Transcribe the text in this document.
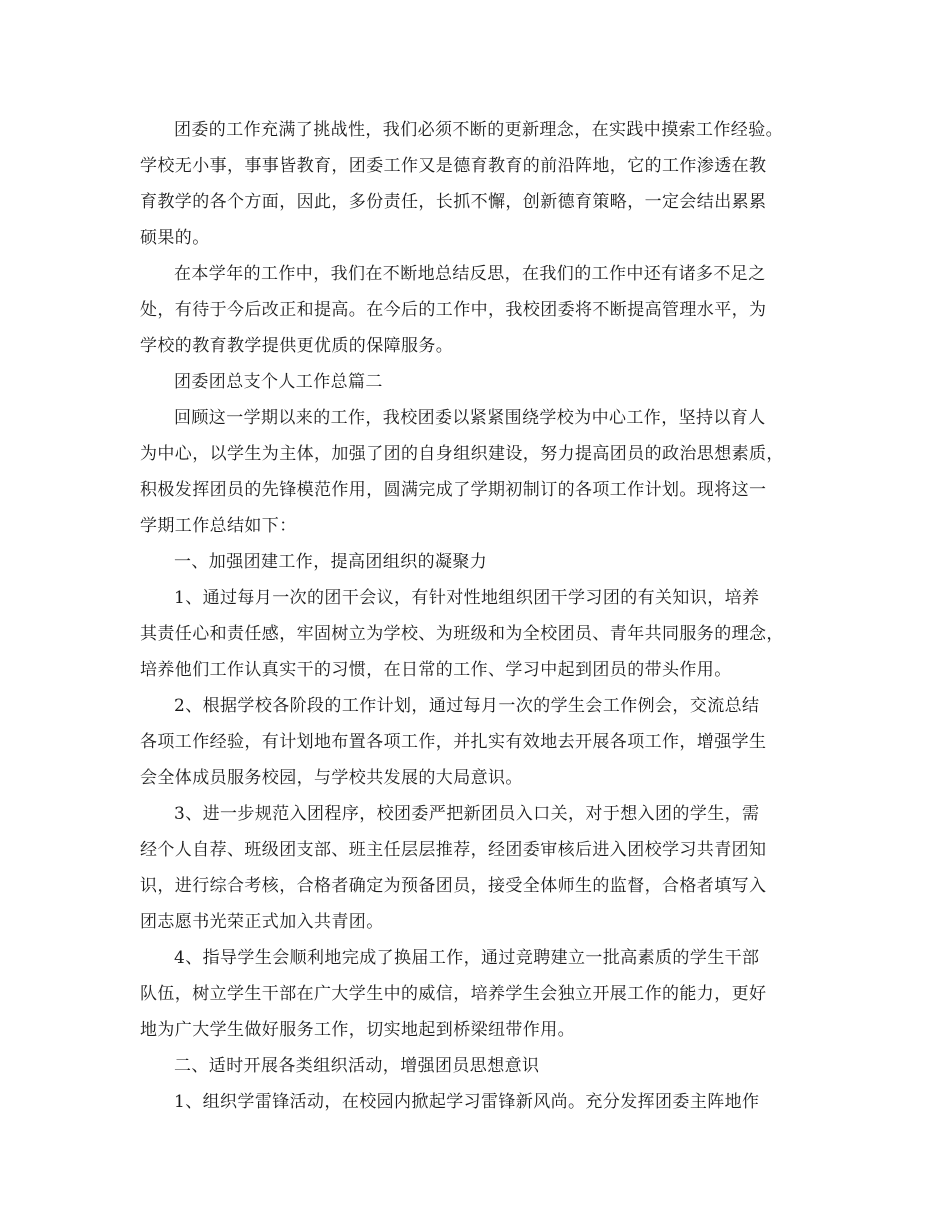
团委的工作充满了挑战性，我们必须不断的更新理念，在实践中摸索工作经验。
学校无小事，事事皆教育，团委工作又是德育教育的前沿阵地，它的工作渗透在教
育教学的各个方面，因此，多份责任，长抓不懈，创新德育策略，一定会结出累累
硕果的。
在本学年的工作中，我们在不断地总结反思，在我们的工作中还有诸多不足之
处，有待于今后改正和提高。在今后的工作中，我校团委将不断提高管理水平，为
学校的教育教学提供更优质的保障服务。
团委团总支个人工作总篇二
回顾这一学期以来的工作，我校团委以紧紧围绕学校为中心工作，坚持以育人
为中心，以学生为主体，加强了团的自身组织建设，努力提高团员的政治思想素质，
积极发挥团员的先锋模范作用，圆满完成了学期初制订的各项工作计划。现将这一
学期工作总结如下：
一、加强团建工作，提高团组织的凝聚力
1、通过每月一次的团干会议，有针对性地组织团干学习团的有关知识，培养
其责任心和责任感，牢固树立为学校、为班级和为全校团员、青年共同服务的理念，
培养他们工作认真实干的习惯，在日常的工作、学习中起到团员的带头作用。
2、根据学校各阶段的工作计划，通过每月一次的学生会工作例会，交流总结
各项工作经验，有计划地布置各项工作，并扎实有效地去开展各项工作，增强学生
会全体成员服务校园，与学校共发展的大局意识。
3、进一步规范入团程序，校团委严把新团员入口关，对于想入团的学生，需
经个人自荐、班级团支部、班主任层层推荐，经团委审核后进入团校学习共青团知
识，进行综合考核，合格者确定为预备团员，接受全体师生的监督，合格者填写入
团志愿书光荣正式加入共青团。
4、指导学生会顺利地完成了换届工作，通过竞聘建立一批高素质的学生干部
队伍，树立学生干部在广大学生中的威信，培养学生会独立开展工作的能力，更好
地为广大学生做好服务工作，切实地起到桥梁纽带作用。
二、适时开展各类组织活动，增强团员思想意识
1、组织学雷锋活动，在校园内掀起学习雷锋新风尚。充分发挥团委主阵地作
